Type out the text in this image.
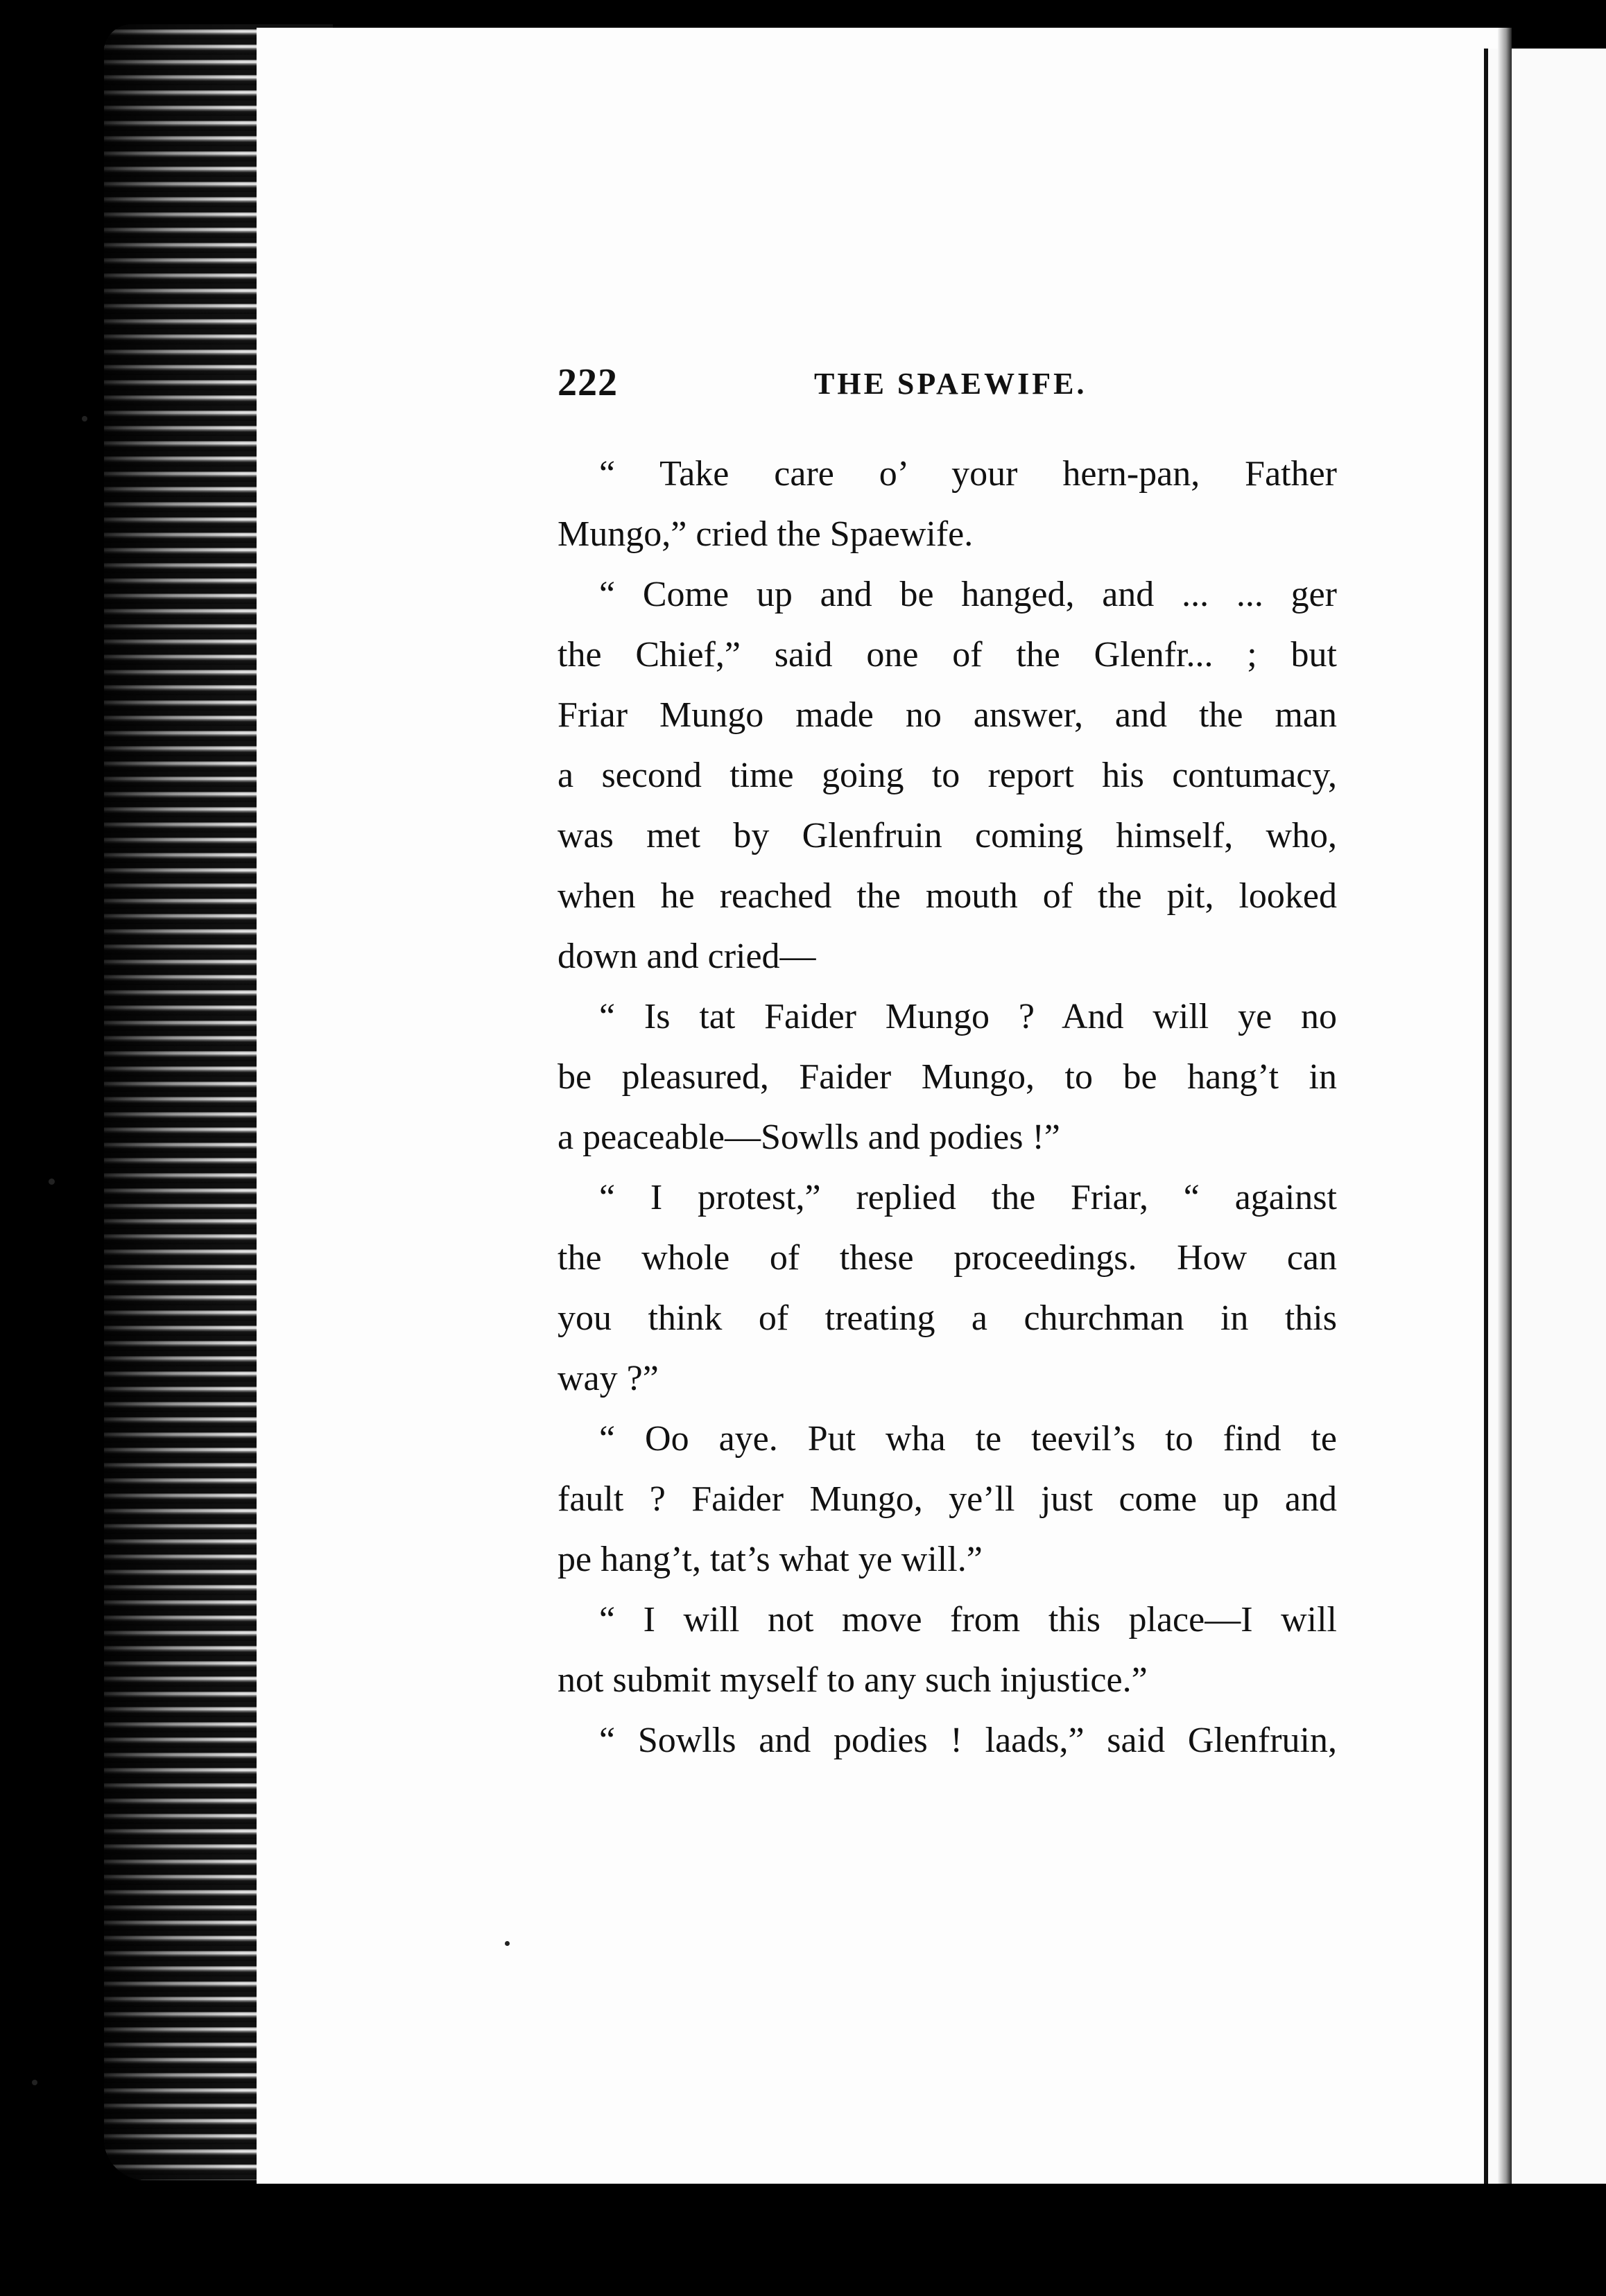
222	THE SPAEWIFE.
“ Take care o’ your hern-pan, Father
Mungo,” cried the Spaewife.
“ Come up and be hanged, and ... ... ger
the Chief,” said one of the Glenfr... ; but
Friar Mungo made no answer, and the man
a second time going to report his contumacy,
was met by Glenfruin coming himself, who,
when he reached the mouth of the pit, looked
down and cried—
“ Is tat Faider Mungo ? And will ye no
be pleasured, Faider Mungo, to be hang’t in
a peaceable—Sowlls and podies !”
“ I protest,” replied the Friar, “ against
the whole of these proceedings. How can
you think of treating a churchman in this
way ?”
“ Oo aye. Put wha te teevil’s to find te
fault ? Faider Mungo, ye’ll just come up and
pe hang’t, tat’s what ye will.”
“ I will not move from this place—I will
not submit myself to any such injustice.”
“ Sowlls and podies ! laads,” said Glenfruin,
